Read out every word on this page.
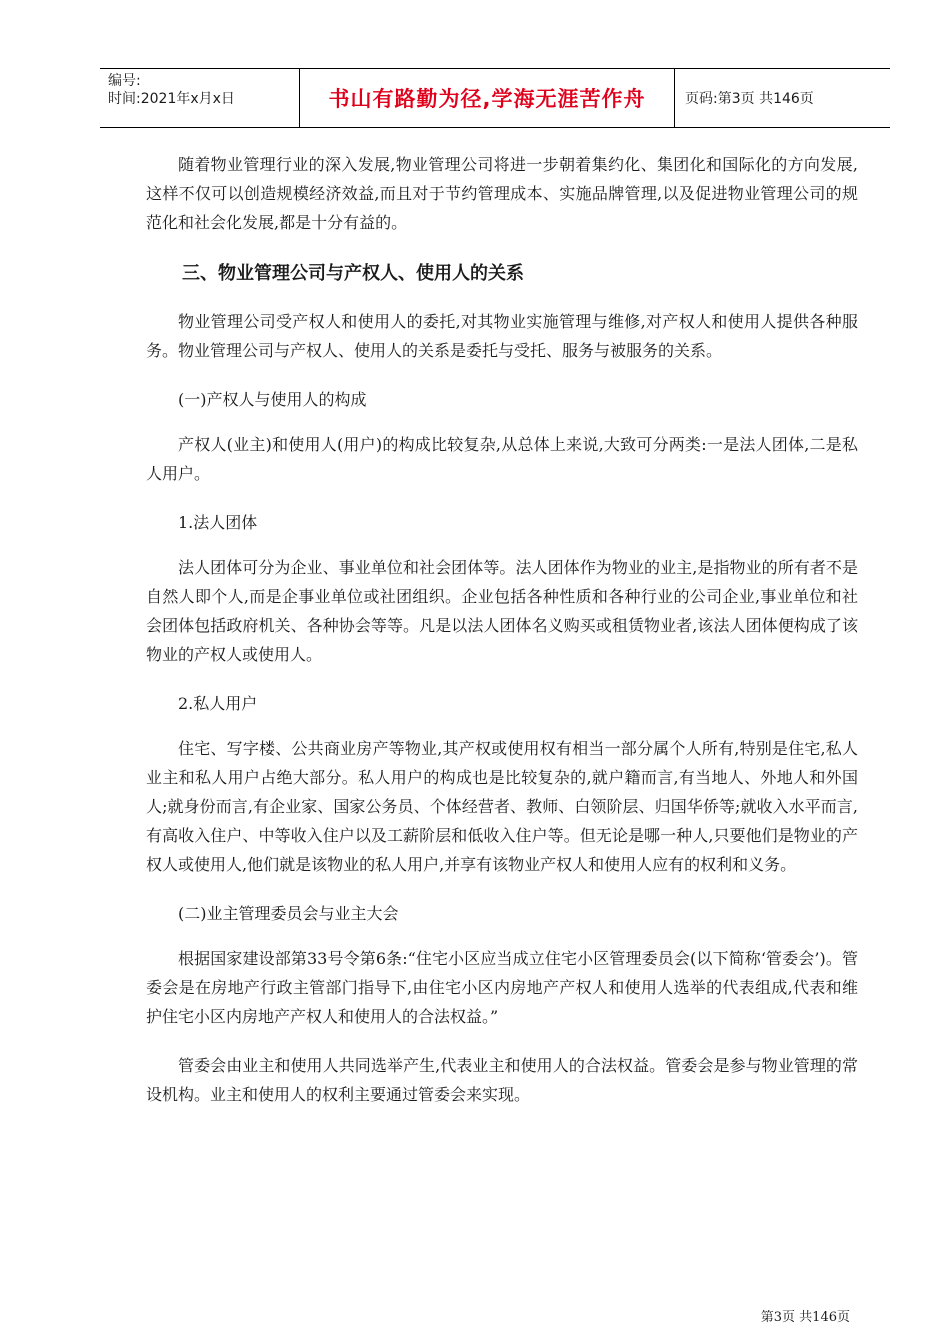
编号:
时间:2021年x月x日	书山有路勤为径,学海无涯苦作舟	页码:第3页 共146页

随着物业管理行业的深入发展,物业管理公司将进一步朝着集约化、集团化和国际化的方向发展,这样不仅可以创造规模经济效益,而且对于节约管理成本、实施品牌管理,以及促进物业管理公司的规范化和社会化发展,都是十分有益的。

三、物业管理公司与产权人、使用人的关系

物业管理公司受产权人和使用人的委托,对其物业实施管理与维修,对产权人和使用人提供各种服务。物业管理公司与产权人、使用人的关系是委托与受托、服务与被服务的关系。

(一)产权人与使用人的构成

产权人(业主)和使用人(用户)的构成比较复杂,从总体上来说,大致可分两类:一是法人团体,二是私人用户。

1.法人团体

法人团体可分为企业、事业单位和社会团体等。法人团体作为物业的业主,是指物业的所有者不是自然人即个人,而是企事业单位或社团组织。企业包括各种性质和各种行业的公司企业,事业单位和社会团体包括政府机关、各种协会等等。凡是以法人团体名义购买或租赁物业者,该法人团体便构成了该物业的产权人或使用人。

2.私人用户

住宅、写字楼、公共商业房产等物业,其产权或使用权有相当一部分属个人所有,特别是住宅,私人业主和私人用户占绝大部分。私人用户的构成也是比较复杂的,就户籍而言,有当地人、外地人和外国人;就身份而言,有企业家、国家公务员、个体经营者、教师、白领阶层、归国华侨等;就收入水平而言,有高收入住户、中等收入住户以及工薪阶层和低收入住户等。但无论是哪一种人,只要他们是物业的产权人或使用人,他们就是该物业的私人用户,并享有该物业产权人和使用人应有的权利和义务。

(二)业主管理委员会与业主大会

根据国家建设部第33号令第6条:“住宅小区应当成立住宅小区管理委员会(以下简称‘管委会’)。管委会是在房地产行政主管部门指导下,由住宅小区内房地产产权人和使用人选举的代表组成,代表和维护住宅小区内房地产产权人和使用人的合法权益。”

管委会由业主和使用人共同选举产生,代表业主和使用人的合法权益。管委会是参与物业管理的常设机构。业主和使用人的权利主要通过管委会来实现。

第3页 共146页
